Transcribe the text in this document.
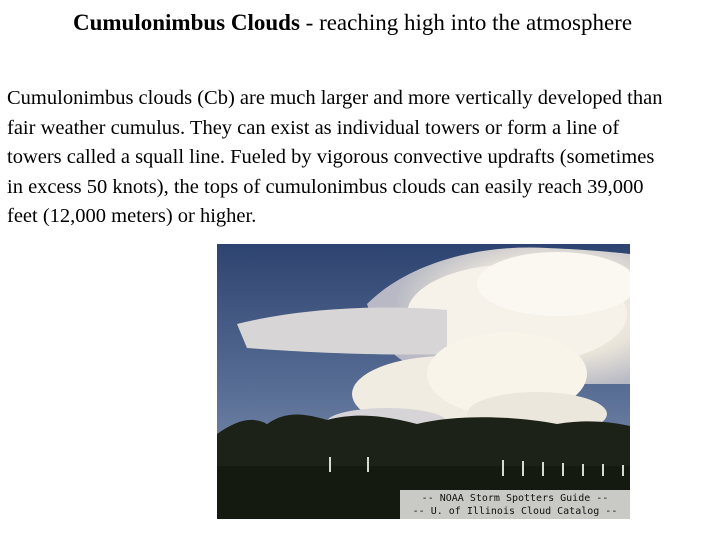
Cumulonimbus Clouds - reaching high into the atmosphere
Cumulonimbus clouds (Cb) are much larger and more vertically developed than fair weather cumulus. They can exist as individual towers or form a line of towers called a squall line. Fueled by vigorous convective updrafts (sometimes in excess 50 knots), the tops of cumulonimbus clouds can easily reach 39,000 feet (12,000 meters) or higher.
-- NOAA Storm Spotters Guide --
-- U. of Illinois Cloud Catalog --
